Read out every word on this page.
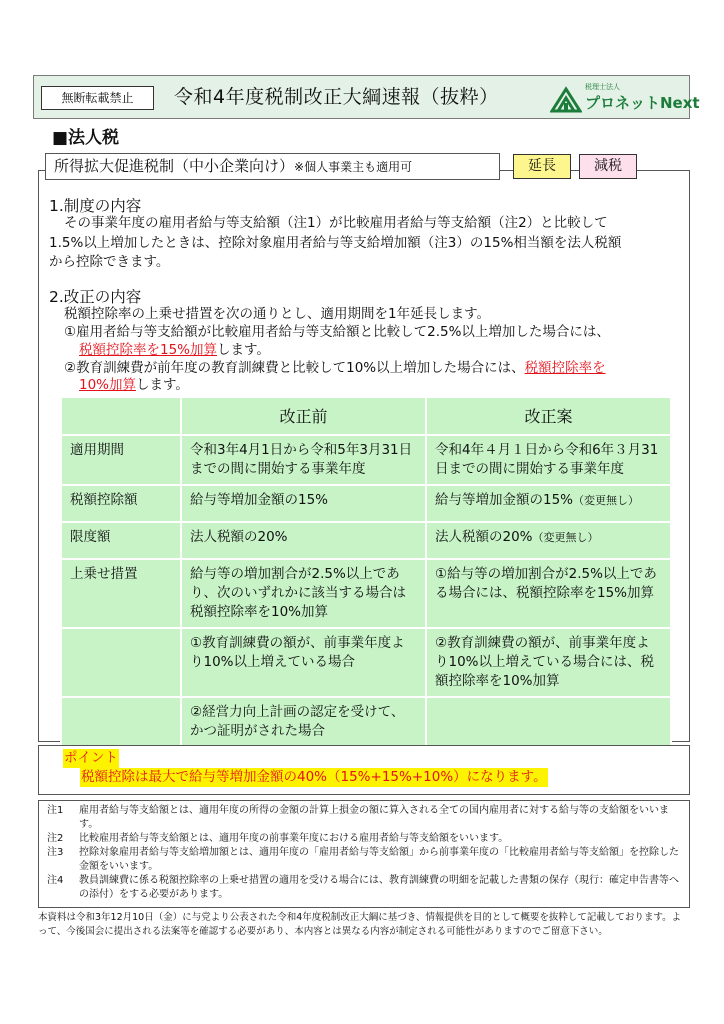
無断転載禁止	令和4年度税制改正大綱速報（抜粋）	税理士法人
プロネットNext
■法人税
所得拡大促進税制（中小企業向け）※個人事業主も適用可	延長	減税
1.制度の内容
その事業年度の雇用者給与等支給額（注1）が比較雇用者給与等支給額（注2）と比較して
1.5%以上増加したときは、控除対象雇用者給与等支給増加額（注3）の15%相当額を法人税額
から控除できます。
2.改正の内容
税額控除率の上乗せ措置を次の通りとし、適用期間を1年延長します。
①雇用者給与等支給額が比較雇用者給与等支給額と比較して2.5%以上増加した場合には、
税額控除率を15%加算します。
②教育訓練費が前年度の教育訓練費と比較して10%以上増加した場合には、税額控除率を
10%加算します。
	改正前	改正案
適用期間	令和3年4月1日から令和5年3月31日までの間に開始する事業年度	令和4年４月１日から令和6年３月31日までの間に開始する事業年度
税額控除額	給与等増加金額の15%	給与等増加金額の15%（変更無し）
限度額	法人税額の20%	法人税額の20%（変更無し）
上乗せ措置	給与等の増加割合が2.5%以上であり、次のいずれかに該当する場合は税額控除率を10%加算	①給与等の増加割合が2.5%以上である場合には、税額控除率を15%加算
	①教育訓練費の額が、前事業年度より10%以上増えている場合	②教育訓練費の額が、前事業年度より10%以上増えている場合には、税額控除率を10%加算
	②経営力向上計画の認定を受けて、かつ証明がされた場合	
ポイント
税額控除は最大で給与等増加金額の40%（15%+15%+10%）になります。
注1	雇用者給与等支給額とは、適用年度の所得の金額の計算上損金の額に算入される全ての国内雇用者に対する給与等の支給額をいいます。
注2	比較雇用者給与等支給額とは、適用年度の前事業年度における雇用者給与等支給額をいいます。
注3	控除対象雇用者給与等支給増加額とは、適用年度の「雇用者給与等支給額」から前事業年度の「比較雇用者給与等支給額」を控除した金額をいいます。
注4	教員訓練費に係る税額控除率の上乗せ措置の適用を受ける場合には、教育訓練費の明細を記載した書類の保存（現行：確定申告書等への添付）をする必要があります。
本資料は令和3年12月10日（金）に与党より公表された令和4年度税制改正大綱に基づき、情報提供を目的として概要を抜粋して記載しております。よって、今後国会に提出される法案等を確認する必要があり、本内容とは異なる内容が制定される可能性がありますのでご留意下さい。
